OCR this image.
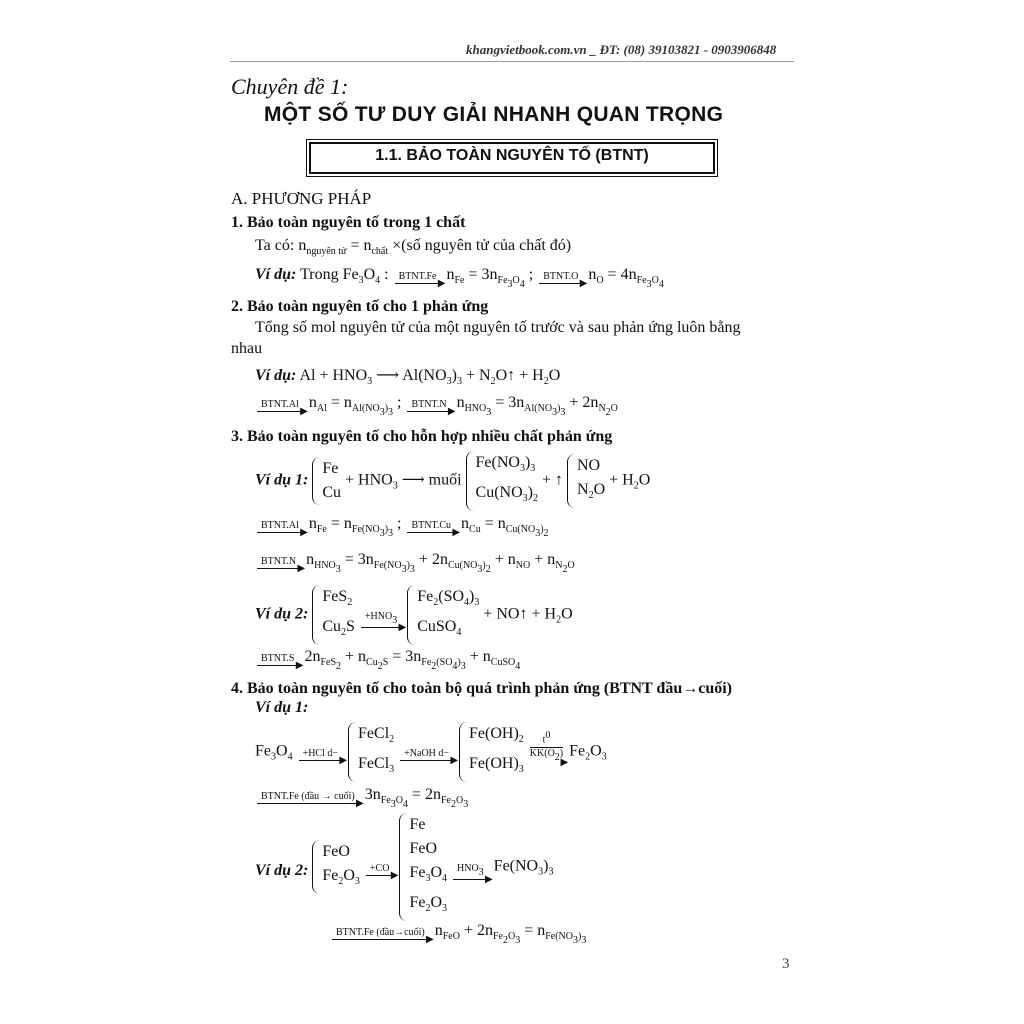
khangvietbook.com.vn _ ĐT: (08) 39103821 - 0903906848
Chuyên đề 1:
MỘT SỐ TƯ DUY GIẢI NHANH QUAN TRỌNG
1.1. BẢO TOÀN NGUYÊN TỐ (BTNT)
A. PHƯƠNG PHÁP
1. Bảo toàn nguyên tố trong 1 chất
Ta có: $n_{nguyên tử} = n_{chất}$ ×(số nguyên tử của chất đó)
Ví dụ: Trong $Fe_3O_4$ : BTNT.Fe
▶
$n_{Fe} = 3n_{Fe_3O_4}$ ; BTNT.O
▶
$n_O = 4n_{Fe_3O_4}$
2. Bảo toàn nguyên tố cho 1 phản ứng
Tổng số mol nguyên tử của một nguyên tố trước và sau phản ứng luôn bằng
nhau
Ví dụ: $Al + HNO_3$ ⟶ $Al(NO_3)_3$ + $N_2O↑ + H_2O$
BTNT.Al
▶
$n_{Al} = n_{Al(NO_3)_3}$ ; BTNT.N
▶
$n_{HNO_3} = 3n_{Al(NO_3)_3} + 2n_{N_2O}$
3. Bảo toàn nguyên tố cho hỗn hợp nhiều chất phản ứng
Ví dụ 1:
Fe
Cu
+ $HNO_3$ ⟶ muối
$Fe(NO_3)_3$
$Cu(NO_3)_2$
+ ↑
NO
$N_2O$
+ $H_2O$
BTNT.Al
▶
$n_{Fe} = n_{Fe(NO_3)_3}$ ; BTNT.Cu
▶
$n_{Cu} = n_{Cu(NO_3)_2}$
BTNT.N
▶
$n_{HNO_3} = 3n_{Fe(NO_3)_3} + 2n_{Cu(NO_3)_2} + n_{NO} + n_{N_2O}$
Ví dụ 2:
FeS$_2$
$Cu_2S$

$+HNO_3$
▶

$Fe_2(SO_4)_3$
CuSO$_4$
+ NO↑ + $H_2O$
BTNT.S
▶
$2n_{FeS_2} + n_{Cu_2S} = 3n_{Fe_2(SO_4)_3} + n_{CuSO_4}$
4. Bảo toàn nguyên tố cho toàn bộ quá trình phản ứng (BTNT đầu→cuối)
Ví dụ 1:
$Fe_3O_4$	+HCl d−
▶

FeCl$_2$
FeCl$_3$

+NaOH d−
▶

$Fe(OH)_2$
$Fe(OH)_3$

$t^0$
▶
$KK(O_2)$ $Fe_2O_3$
BTNT.Fe (đầu → cuối)
▶
$3n_{Fe_3O_4} = 2n_{Fe_2O_3}$
Ví dụ 2:
FeO
$Fe_2O_3$

+CO
▶

Fe
FeO
$Fe_3O_4$
$Fe_2O_3$

$HNO_3$
▶
$Fe(NO_3)_3$
BTNT.Fe (đầu→cuối)
▶
$n_{FeO} + 2n_{Fe_2O_3} = n_{Fe(NO_3)_3}$
3
